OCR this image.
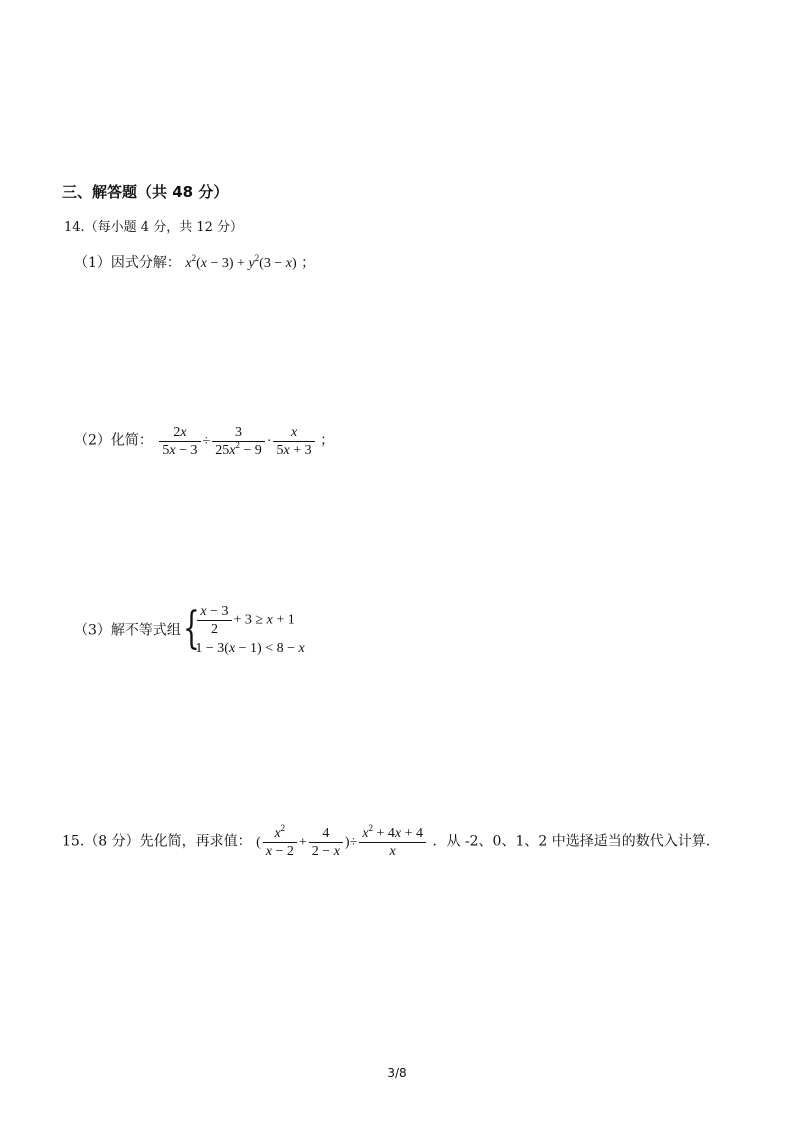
三、解答题（共 48 分）
14.（每小题 4 分，共 12 分）
（1）因式分解： $x^2(x - 3) + y^2(3 - x)$ ；
（2）化简： $\frac{2x}{5x - 3} \div \frac{3}{25x^2 - 9} \cdot \frac{x}{5x + 3}$ ；
（3）解不等式组 {
$\frac{x - 3}{2} + 3 \ge x + 1$
1 − 3(x − 1) < 8 − x
15.（8 分）先化简，再求值： ( $\frac{x^2}{x - 2} + \frac{4}{2 - x}$ )÷ $\frac{x^2 + 4x + 4}{x}$ ．从 -2、0、1、2 中选择适当的数代入计算.
3/8
